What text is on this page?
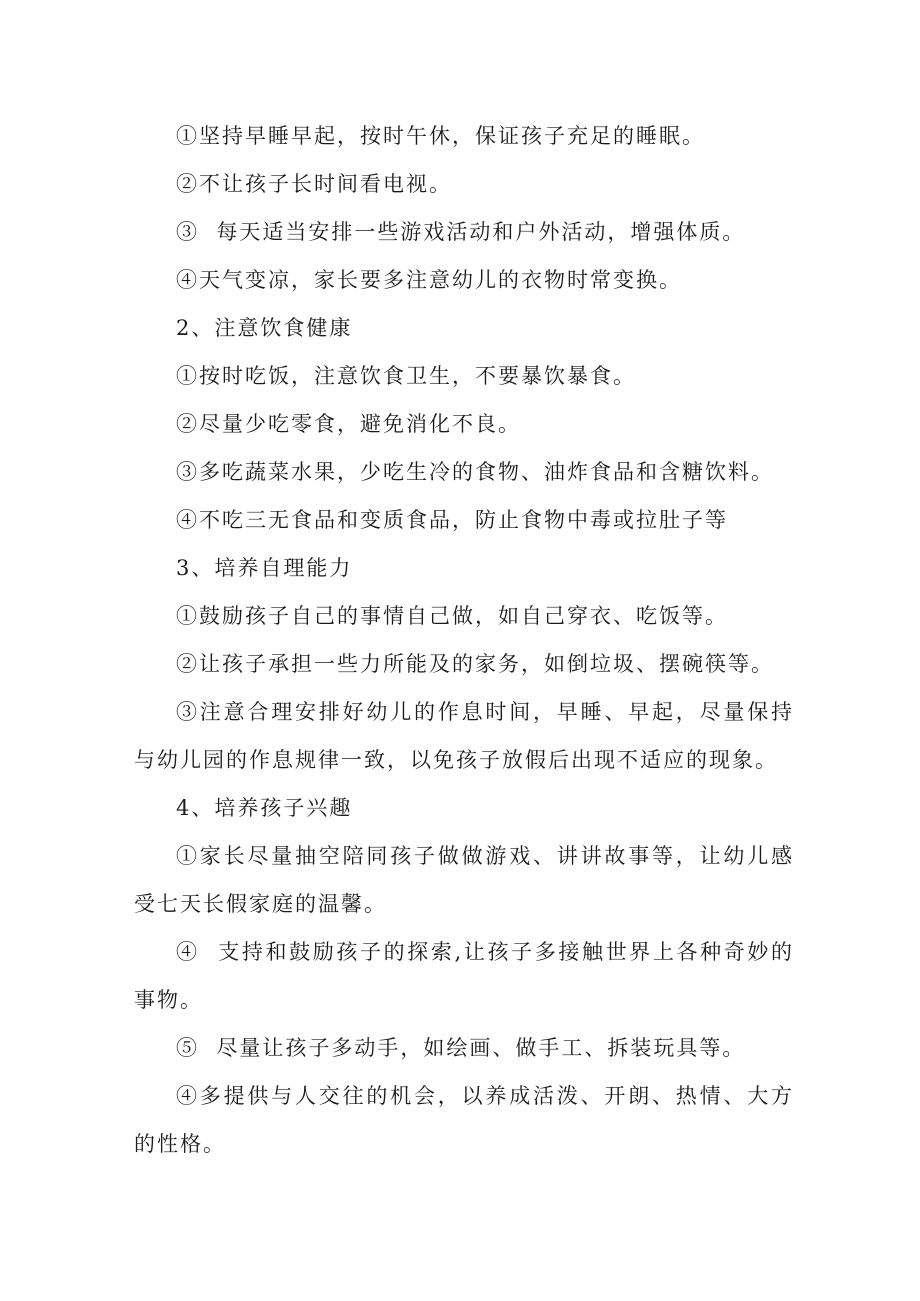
①坚持早睡早起，按时午休，保证孩子充足的睡眠。

②不让孩子长时间看电视。

③  每天适当安排一些游戏活动和户外活动，增强体质。

④天气变凉，家长要多注意幼儿的衣物时常变换。

2、注意饮食健康

①按时吃饭，注意饮食卫生，不要暴饮暴食。

②尽量少吃零食，避免消化不良。

③多吃蔬菜水果，少吃生冷的食物、油炸食品和含糖饮料。

④不吃三无食品和变质食品，防止食物中毒或拉肚子等

3、培养自理能力

①鼓励孩子自己的事情自己做，如自己穿衣、吃饭等。

②让孩子承担一些力所能及的家务，如倒垃圾、摆碗筷等。

③注意合理安排好幼儿的作息时间，早睡、早起，尽量保持与幼儿园的作息规律一致，以免孩子放假后出现不适应的现象。

4、培养孩子兴趣

①家长尽量抽空陪同孩子做做游戏、讲讲故事等，让幼儿感受七天长假家庭的温馨。

④  支持和鼓励孩子的探索,让孩子多接触世界上各种奇妙的事物。

⑤  尽量让孩子多动手，如绘画、做手工、拆装玩具等。

④多提供与人交往的机会，以养成活泼、开朗、热情、大方的性格。
